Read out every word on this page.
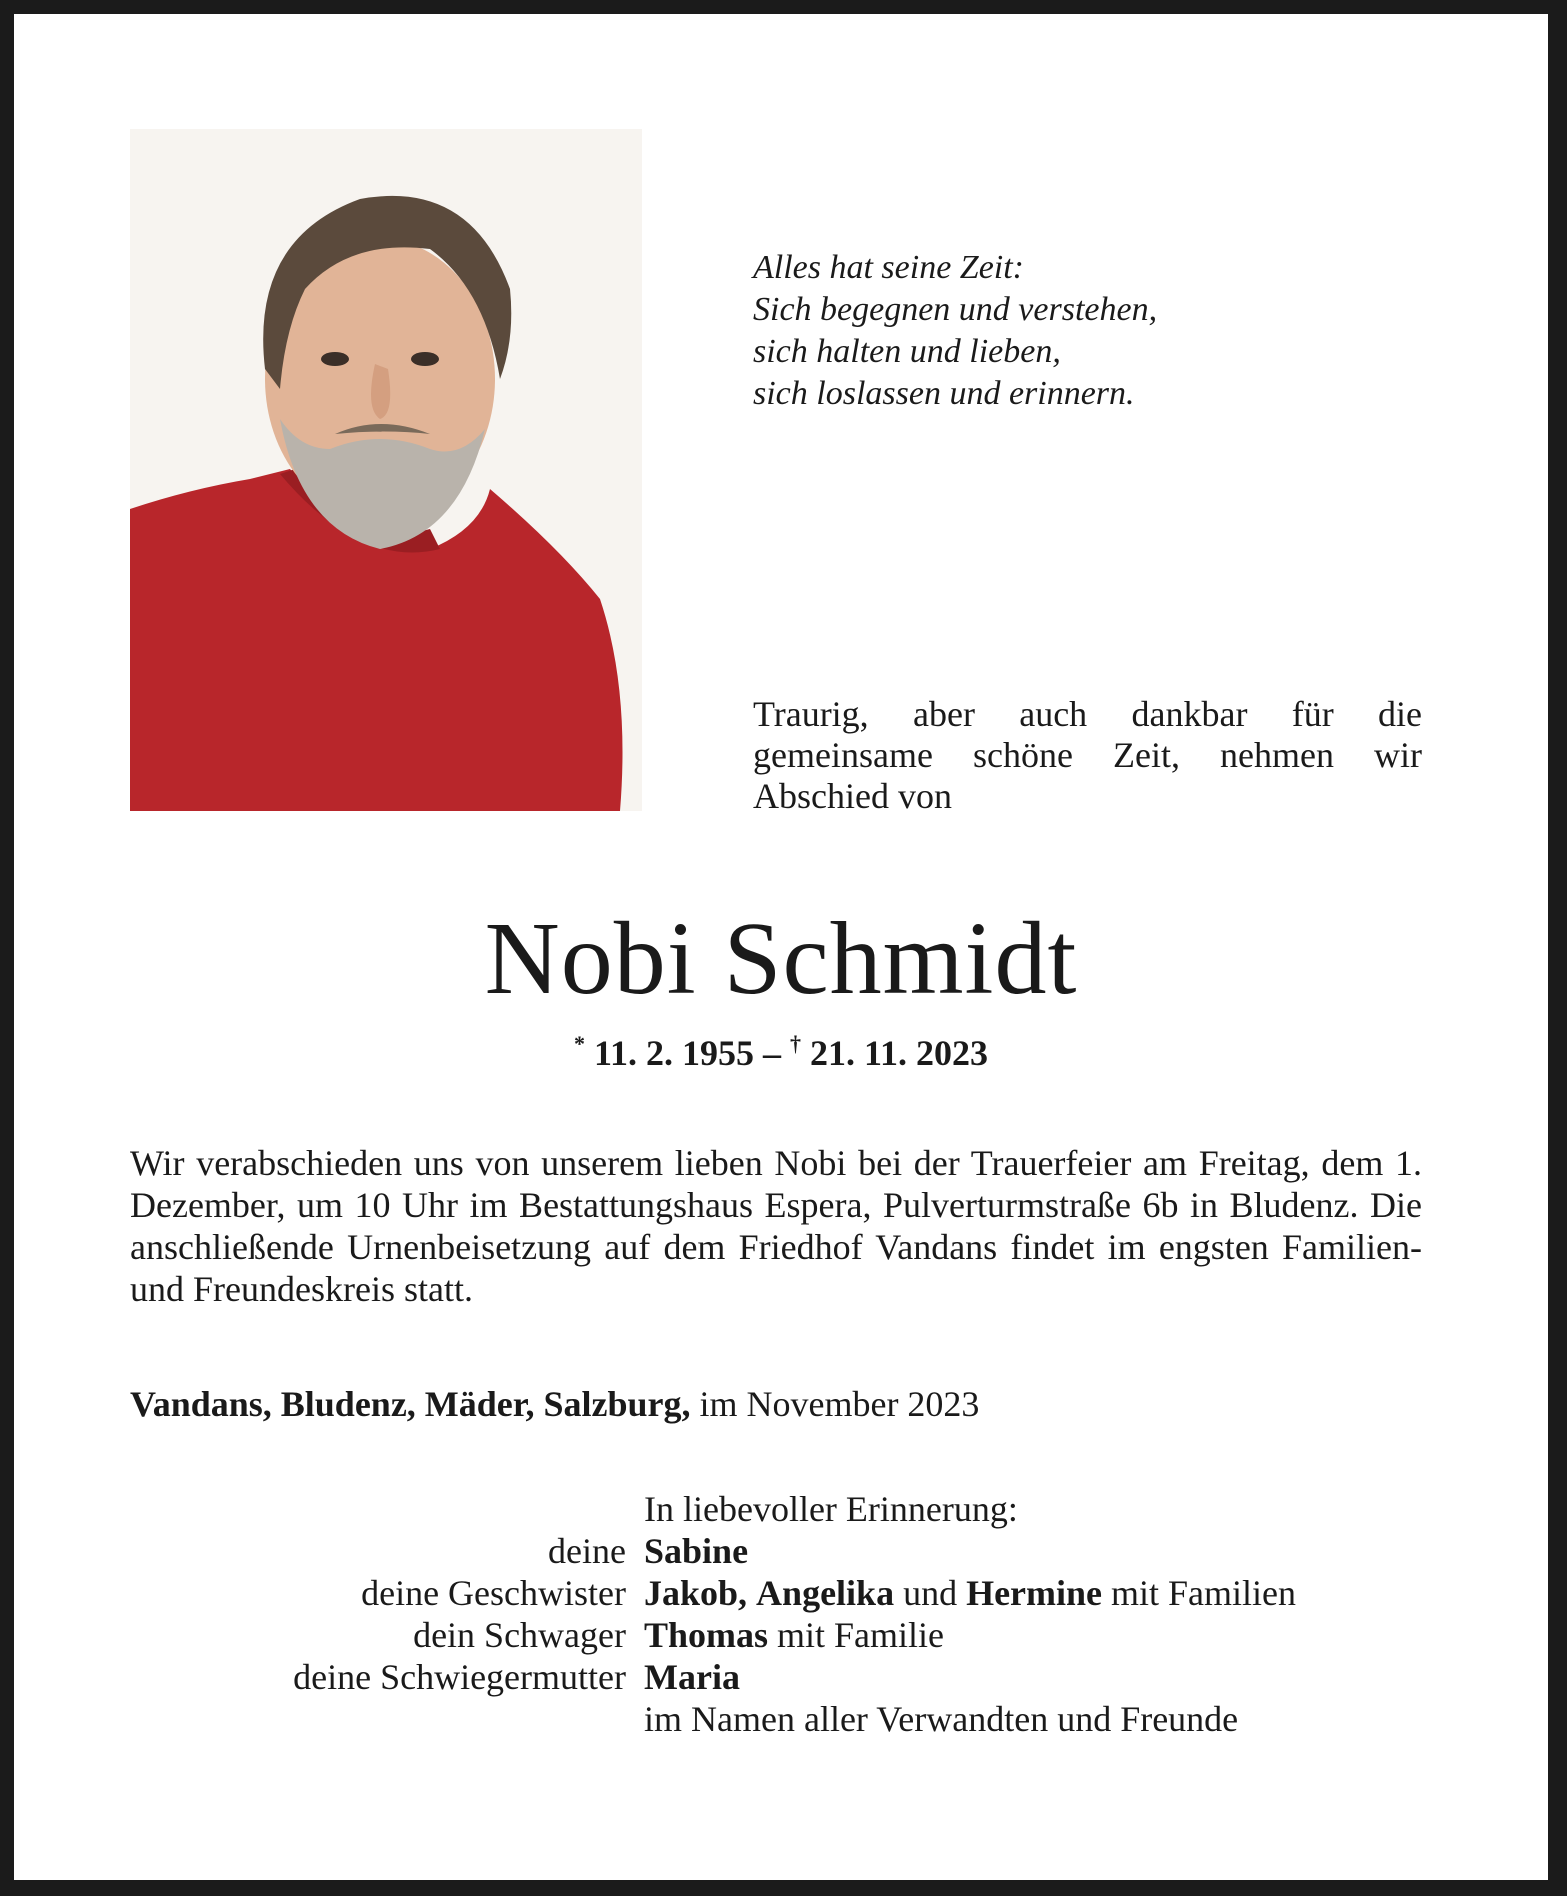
Alles hat seine Zeit:
Sich begegnen und verstehen,
sich halten und lieben,
sich loslassen und erinnern.
Traurig, aber auch dankbar für die gemeinsame schöne Zeit, nehmen wir Abschied von
Nobi Schmidt
* 11. 2. 1955 – † 21. 11. 2023
Wir verabschieden uns von unserem lieben Nobi bei der Trauerfeier am Freitag, dem 1. Dezember, um 10 Uhr im Bestattungshaus Espera, Pulverturmstraße 6b in Bludenz. Die anschließende Urnenbeisetzung auf dem Friedhof Vandans findet im engsten Familien- und Freundeskreis statt.
Vandans, Bludenz, Mäder, Salzburg, im November 2023
In liebevoller Erinnerung:
deine Sabine
deine Geschwister Jakob, Angelika und Hermine mit Familien
dein Schwager Thomas mit Familie
deine Schwiegermutter Maria
im Namen aller Verwandten und Freunde
